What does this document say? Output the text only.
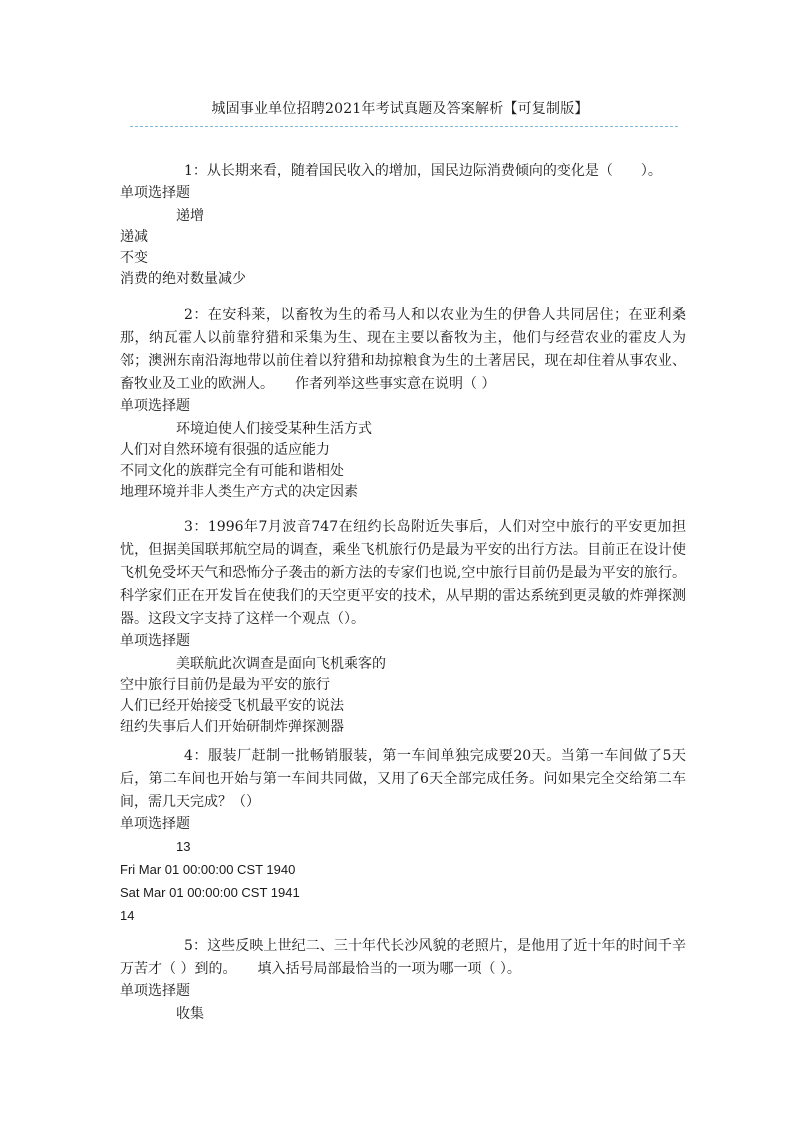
城固事业单位招聘2021年考试真题及答案解析【可复制版】

1：从长期来看，随着国民收入的增加，国民边际消费倾向的变化是（　　）。

单项选择题

递增

递减

不变

消费的绝对数量减少

2：在安科莱，以畜牧为生的希马人和以农业为生的伊鲁人共同居住；在亚利桑那，纳瓦霍人以前靠狩猎和采集为生、现在主要以畜牧为主，他们与经营农业的霍皮人为邻；澳洲东南沿海地带以前住着以狩猎和劫掠粮食为生的土著居民，现在却住着从事农业、畜牧业及工业的欧洲人。　　作者列举这些事实意在说明（ ）

单项选择题

环境迫使人们接受某种生活方式

人们对自然环境有很强的适应能力

不同文化的族群完全有可能和谐相处

地理环境并非人类生产方式的决定因素

3：1996年7月波音747在纽约长岛附近失事后，人们对空中旅行的平安更加担忧，但据美国联邦航空局的调查，乘坐飞机旅行仍是最为平安的出行方法。目前正在设计使飞机免受坏天气和恐怖分子袭击的新方法的专家们也说,空中旅行目前仍是最为平安的旅行。科学家们正在开发旨在使我们的天空更平安的技术，从早期的雷达系统到更灵敏的炸弹探测器。这段文字支持了这样一个观点（）。

单项选择题

美联航此次调查是面向飞机乘客的

空中旅行目前仍是最为平安的旅行

人们已经开始接受飞机最平安的说法

纽约失事后人们开始研制炸弹探测器

4：服装厂赶制一批畅销服装，第一车间单独完成要20天。当第一车间做了5天后，第二车间也开始与第一车间共同做，又用了6天全部完成任务。问如果完全交给第二车间，需几天完成？（）

单项选择题

13

Fri Mar 01 00:00:00 CST 1940

Sat Mar 01 00:00:00 CST 1941

14

5：这些反映上世纪二、三十年代长沙风貌的老照片，是他用了近十年的时间千辛万苦才（ ）到的。　　填入括号局部最恰当的一项为哪一项（ ）。

单项选择题

收集
